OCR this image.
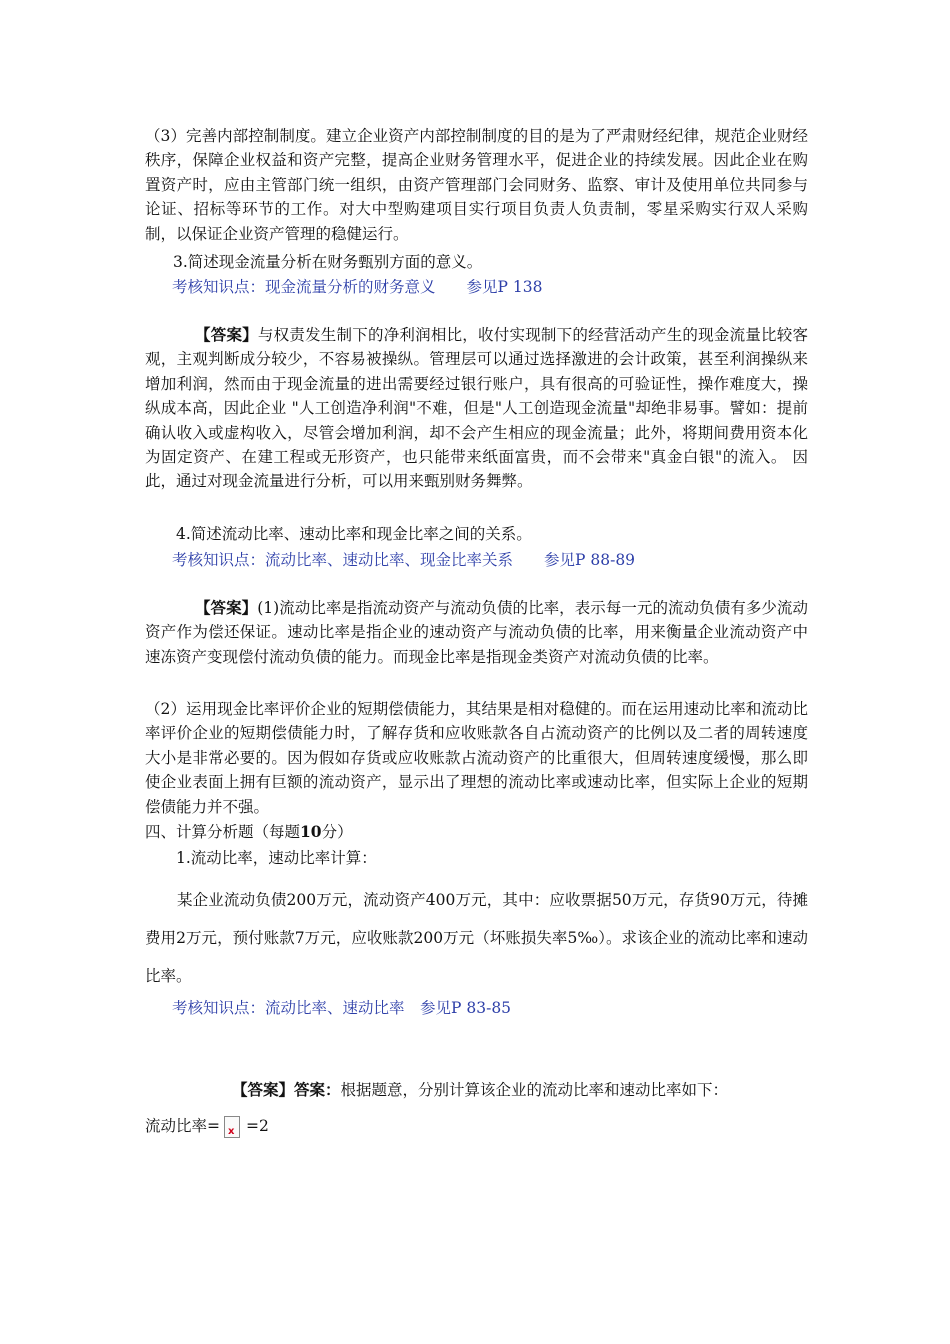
（3）完善内部控制制度。建立企业资产内部控制制度的目的是为了严肃财经纪律，规范企业财经秩序，保障企业权益和资产完整，提高企业财务管理水平，促进企业的持续发展。因此企业在购置资产时，应由主管部门统一组织，由资产管理部门会同财务、监察、审计及使用单位共同参与论证、招标等环节的工作。对大中型购建项目实行项目负责人负责制，零星采购实行双人采购制，以保证企业资产管理的稳健运行。
3.简述现金流量分析在财务甄别方面的意义。
考核知识点：现金流量分析的财务意义　　参见P 138
【答案】与权责发生制下的净利润相比，收付实现制下的经营活动产生的现金流量比较客观，主观判断成分较少，不容易被操纵。管理层可以通过选择激进的会计政策，甚至利润操纵来增加利润，然而由于现金流量的进出需要经过银行账户，具有很高的可验证性，操作难度大，操纵成本高，因此企业 "人工创造净利润"不难，但是"人工创造现金流量"却绝非易事。譬如：提前确认收入或虚构收入，尽管会增加利润，却不会产生相应的现金流量；此外，将期间费用资本化为固定资产、在建工程或无形资产，也只能带来纸面富贵，而不会带来"真金白银"的流入。 因此，通过对现金流量进行分析，可以用来甄别财务舞弊。
4.简述流动比率、速动比率和现金比率之间的关系。
考核知识点：流动比率、速动比率、现金比率关系　　参见P 88-89
【答案】(1)流动比率是指流动资产与流动负债的比率，表示每一元的流动负债有多少流动资产作为偿还保证。速动比率是指企业的速动资产与流动负债的比率，用来衡量企业流动资产中速冻资产变现偿付流动负债的能力。而现金比率是指现金类资产对流动负债的比率。
（2）运用现金比率评价企业的短期偿债能力，其结果是相对稳健的。而在运用速动比率和流动比率评价企业的短期偿债能力时，了解存货和应收账款各自占流动资产的比例以及二者的周转速度大小是非常必要的。因为假如存货或应收账款占流动资产的比重很大，但周转速度缓慢，那么即使企业表面上拥有巨额的流动资产，显示出了理想的流动比率或速动比率，但实际上企业的短期偿债能力并不强。
四、计算分析题（每题10分）
1.流动比率，速动比率计算：
某企业流动负债200万元，流动资产400万元，其中：应收票据50万元，存货90万元，待摊费用2万元，预付账款7万元，应收账款200万元（坏账损失率5‰）。求该企业的流动比率和速动比率。
考核知识点：流动比率、速动比率　参见P 83-85
【答案】答案：根据题意，分别计算该企业的流动比率和速动比率如下：
流动比率= x =2
